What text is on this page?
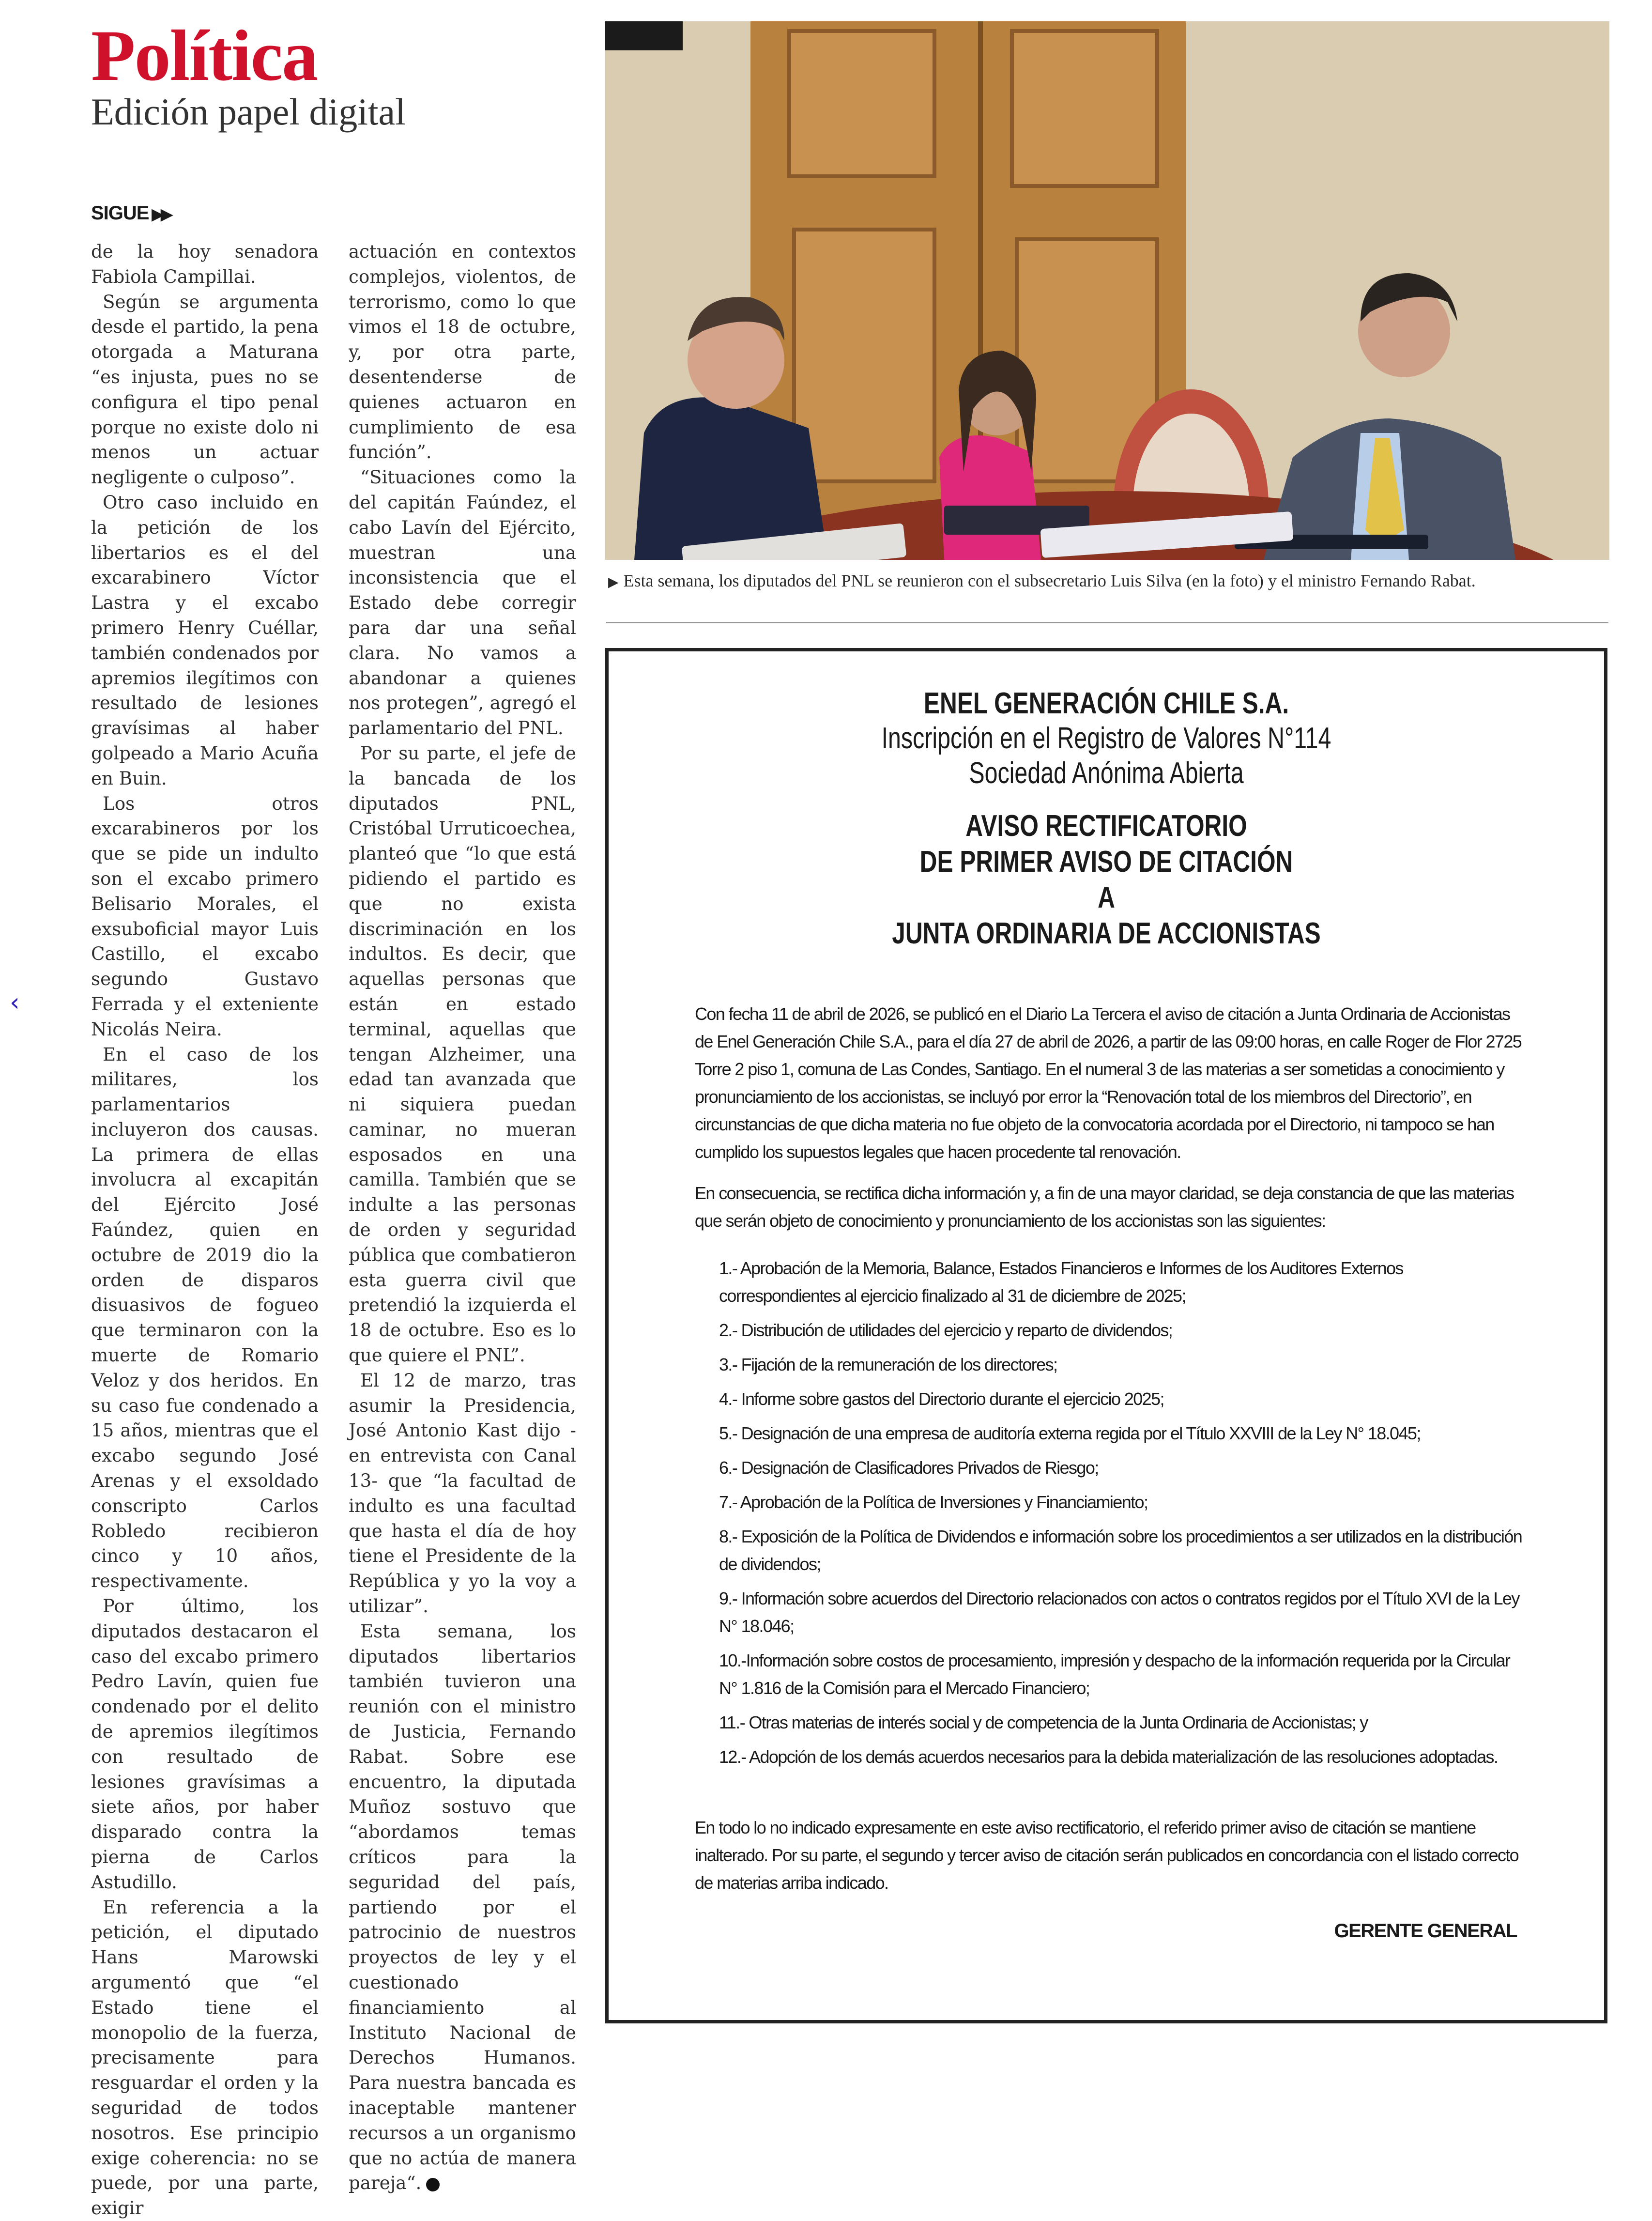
Política
Edición papel digital
SIGUE ▶▶
‹

de la hoy senadora Fabiola Campillai.

Según se argumenta desde el partido, la pena otorgada a Maturana “es injusta, pues no se configura el tipo penal porque no existe dolo ni menos un actuar negligente o culposo”.

Otro caso incluido en la petición de los libertarios es el del excarabinero Víctor Lastra y el excabo primero Henry Cuéllar, también condenados por apremios ilegítimos con resultado de lesiones gravísimas al haber golpeado a Mario Acuña en Buin.

Los otros excarabineros por los que se pide un indulto son el excabo primero Belisario Morales, el exsuboficial mayor Luis Castillo, el excabo segundo Gustavo Ferrada y el exteniente Nicolás Neira.

En el caso de los militares, los parlamentarios incluyeron dos causas. La primera de ellas involucra al excapitán del Ejército José Faúndez, quien en octubre de 2019 dio la orden de disparos disuasivos de fogueo que terminaron con la muerte de Romario Veloz y dos heridos. En su caso fue condenado a 15 años, mientras que el excabo segundo José Arenas y el exsoldado conscripto Carlos Robledo recibieron cinco y 10 años, respectivamente.

Por último, los diputados destacaron el caso del excabo primero Pedro Lavín, quien fue condenado por el delito de apremios ilegítimos con resultado de lesiones gravísimas a siete años, por haber disparado contra la pierna de Carlos Astudillo.

En referencia a la petición, el diputado Hans Marowski argumentó que “el Estado tiene el monopolio de la fuerza, precisamente para resguardar el orden y la seguridad de todos nosotros. Ese principio exige coherencia: no se puede, por una parte, exigir

actuación en contextos complejos, violentos, de terrorismo, como lo que vimos el 18 de octubre, y, por otra parte, desentenderse de quienes actuaron en cumplimiento de esa función”.

“Situaciones como la del capitán Faúndez, el cabo Lavín del Ejército, muestran una inconsistencia que el Estado debe corregir para dar una señal clara. No vamos a abandonar a quienes nos protegen”, agregó el parlamentario del PNL.

Por su parte, el jefe de la bancada de los diputados PNL, Cristóbal Urruticoechea, planteó que “lo que está pidiendo el partido es que no exista discriminación en los indultos. Es decir, que aquellas personas que están en estado terminal, aquellas que tengan Alzheimer, una edad tan avanzada que ni siquiera puedan caminar, no mueran esposados en una camilla. También que se indulte a las personas de orden y seguridad pública que combatieron esta guerra civil que pretendió la izquierda el 18 de octubre. Eso es lo que quiere el PNL”.

El 12 de marzo, tras asumir la Presidencia, José Antonio Kast dijo -en entrevista con Canal 13- que “la facultad de indulto es una facultad que hasta el día de hoy tiene el Presidente de la República y yo la voy a utilizar”.

Esta semana, los diputados libertarios también tuvieron una reunión con el ministro de Justicia, Fernando Rabat. Sobre ese encuentro, la diputada Muñoz sostuvo que “abordamos temas críticos para la seguridad del país, partiendo por el patrocinio de nuestros proyectos de ley y el cuestionado financiamiento al Instituto Nacional de Derechos Humanos. Para nuestra bancada es inaceptable mantener recursos a un organismo que no actúa de manera pareja“.

▶ Esta semana, los diputados del PNL se reunieron con el subsecretario Luis Silva (en la foto) y el ministro Fernando Rabat.
ENEL GENERACIÓN CHILE S.A.
Inscripción en el Registro de Valores N°114
Sociedad Anónima Abierta
AVISO RECTIFICATORIO
DE PRIMER AVISO DE CITACIÓN
A
JUNTA ORDINARIA DE ACCIONISTAS
Con fecha 11 de abril de 2026, se publicó en el Diario La Tercera el aviso de citación a Junta Ordinaria de Accionistas de Enel Generación Chile S.A., para el día 27 de abril de 2026, a partir de las 09:00 horas, en calle Roger de Flor 2725 Torre 2 piso 1, comuna de Las Condes, Santiago. En el numeral 3 de las materias a ser sometidas a conocimiento y pronunciamiento de los accionistas, se incluyó por error la “Renovación total de los miembros del Directorio”, en circunstancias de que dicha materia no fue objeto de la convocatoria acordada por el Directorio, ni tampoco se han cumplido los supuestos legales que hacen procedente tal renovación.
En consecuencia, se rectifica dicha información y, a fin de una mayor claridad, se deja constancia de que las materias que serán objeto de conocimiento y pronunciamiento de los accionistas son las siguientes:
1.- Aprobación de la Memoria, Balance, Estados Financieros e Informes de los Auditores Externos correspondientes al ejercicio finalizado al 31 de diciembre de 2025;
2.- Distribución de utilidades del ejercicio y reparto de dividendos;
3.- Fijación de la remuneración de los directores;
4.- Informe sobre gastos del Directorio durante el ejercicio 2025;
5.- Designación de una empresa de auditoría externa regida por el Título XXVIII de la Ley N° 18.045;
6.- Designación de Clasificadores Privados de Riesgo;
7.- Aprobación de la Política de Inversiones y Financiamiento;
8.- Exposición de la Política de Dividendos e información sobre los procedimientos a ser utilizados en la distribución de dividendos;
9.- Información sobre acuerdos del Directorio relacionados con actos o contratos regidos por el Título XVI de la Ley N° 18.046;
10.-Información sobre costos de procesamiento, impresión y despacho de la información requerida por la Circular N° 1.816 de la Comisión para el Mercado Financiero;
11.- Otras materias de interés social y de competencia de la Junta Ordinaria de Accionistas; y
12.- Adopción de los demás acuerdos necesarios para la debida materialización de las resoluciones adoptadas.
En todo lo no indicado expresamente en este aviso rectificatorio, el referido primer aviso de citación se mantiene inalterado. Por su parte, el segundo y tercer aviso de citación serán publicados en concordancia con el listado correcto de materias arriba indicado.
GERENTE GENERAL
